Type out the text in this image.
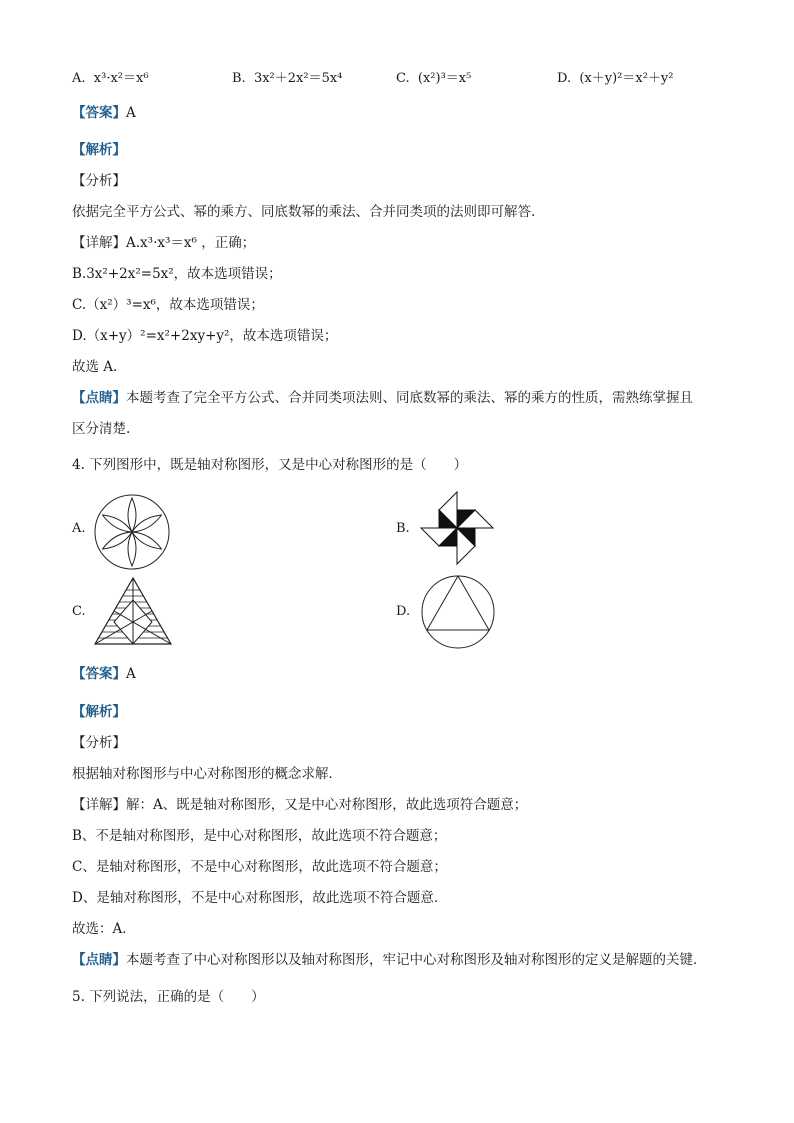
A. x³·x²＝x⁶	B. 3x²＋2x²＝5x⁴	C. (x²)³＝x⁵	D. (x＋y)²＝x²＋y²
【答案】A
【解析】
【分析】
依据完全平方公式、幂的乘方、同底数幂的乘法、合并同类项的法则即可解答.
【详解】A.x³·x³＝x⁶ ，正确；
B.3x²+2x²=5x²，故本选项错误；
C.（x²）³=x⁶，故本选项错误；
D.（x+y）²=x²+2xy+y²，故本选项错误；
故选 A.
【点睛】本题考查了完全平方公式、合并同类项法则、同底数幂的乘法、幂的乘方的性质，需熟练掌握且
区分清楚.
4. 下列图形中，既是轴对称图形，又是中心对称图形的是（　　）
A.	B.
C.	D.
【答案】A
【解析】
【分析】
根据轴对称图形与中心对称图形的概念求解．
【详解】解：A、既是轴对称图形，又是中心对称图形，故此选项符合题意；
B、不是轴对称图形，是中心对称图形，故此选项不符合题意；
C、是轴对称图形，不是中心对称图形，故此选项不符合题意；
D、是轴对称图形，不是中心对称图形，故此选项不符合题意．
故选：A．
【点睛】本题考查了中心对称图形以及轴对称图形，牢记中心对称图形及轴对称图形的定义是解题的关键．
5. 下列说法，正确的是（　　）
